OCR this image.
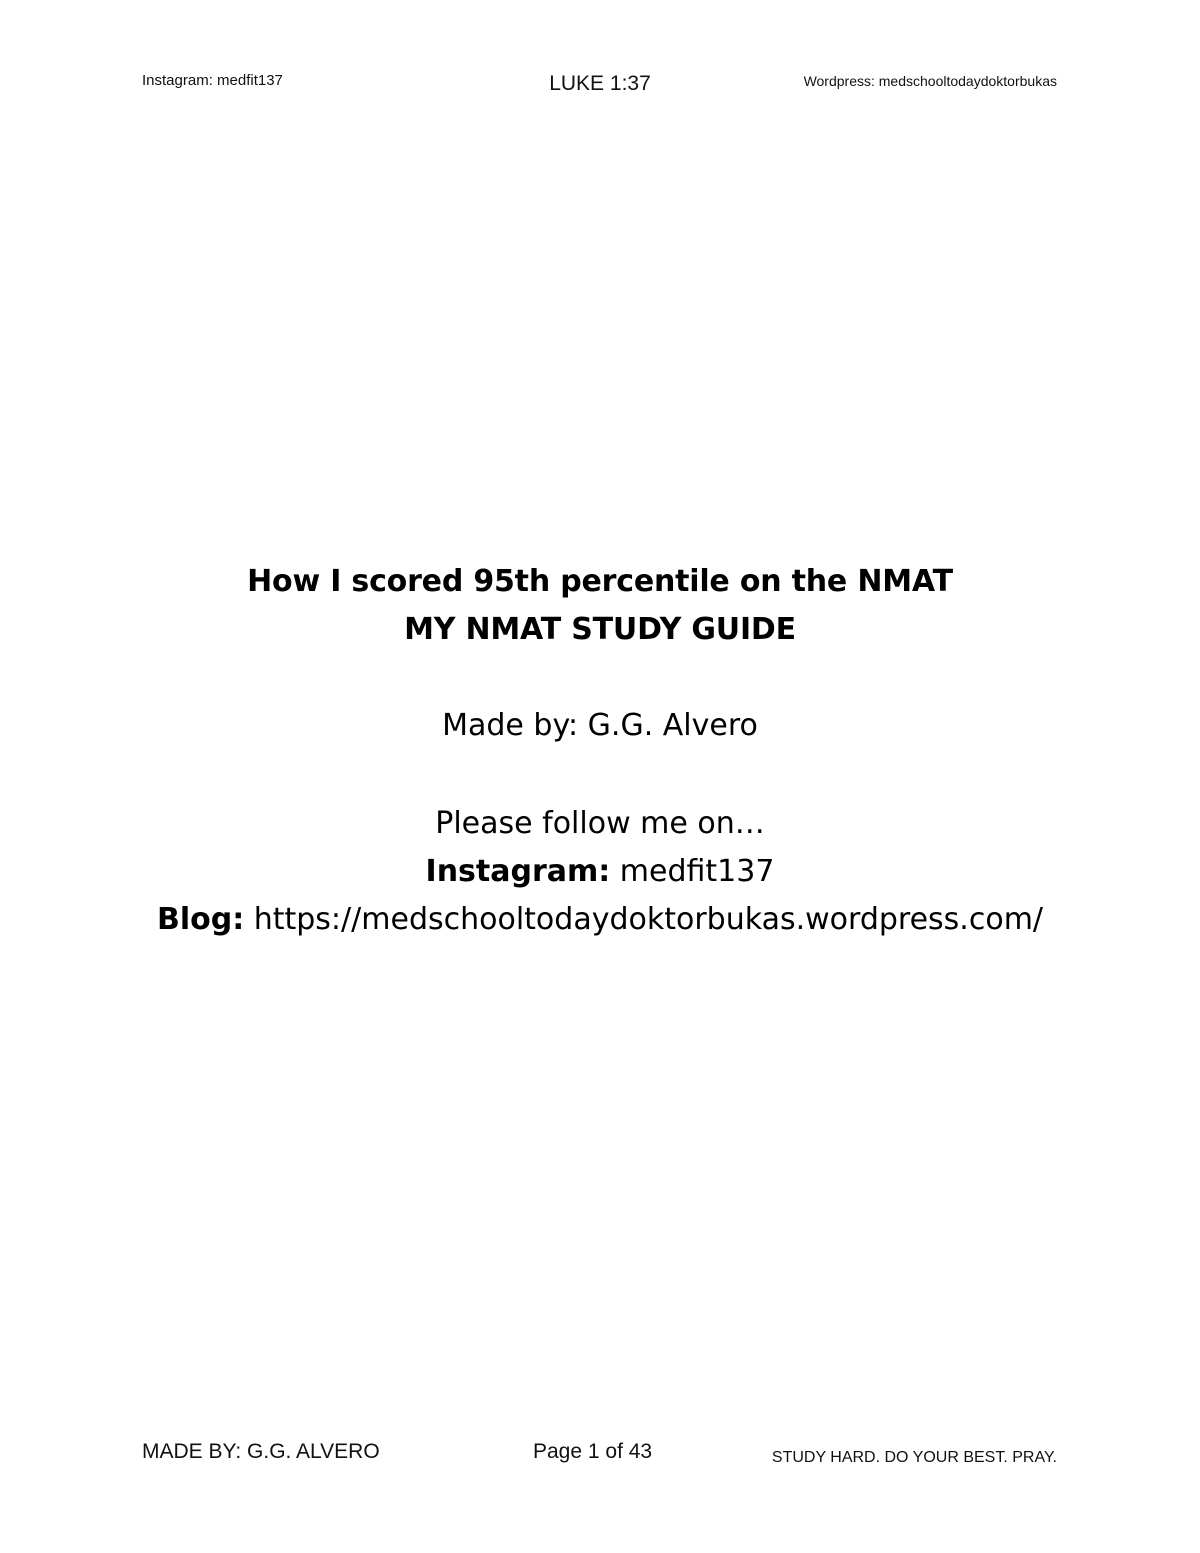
Instagram: medfit137	LUKE 1:37	Wordpress: medschooltodaydoktorbukas
How I scored 95th percentile on the NMAT
MY NMAT STUDY GUIDE
Made by: G.G. Alvero
Please follow me on…
Instagram: medfit137
Blog: https://medschooltodaydoktorbukas.wordpress.com/
MADE BY: G.G. ALVERO	Page 1 of 43	STUDY HARD. DO YOUR BEST. PRAY.
